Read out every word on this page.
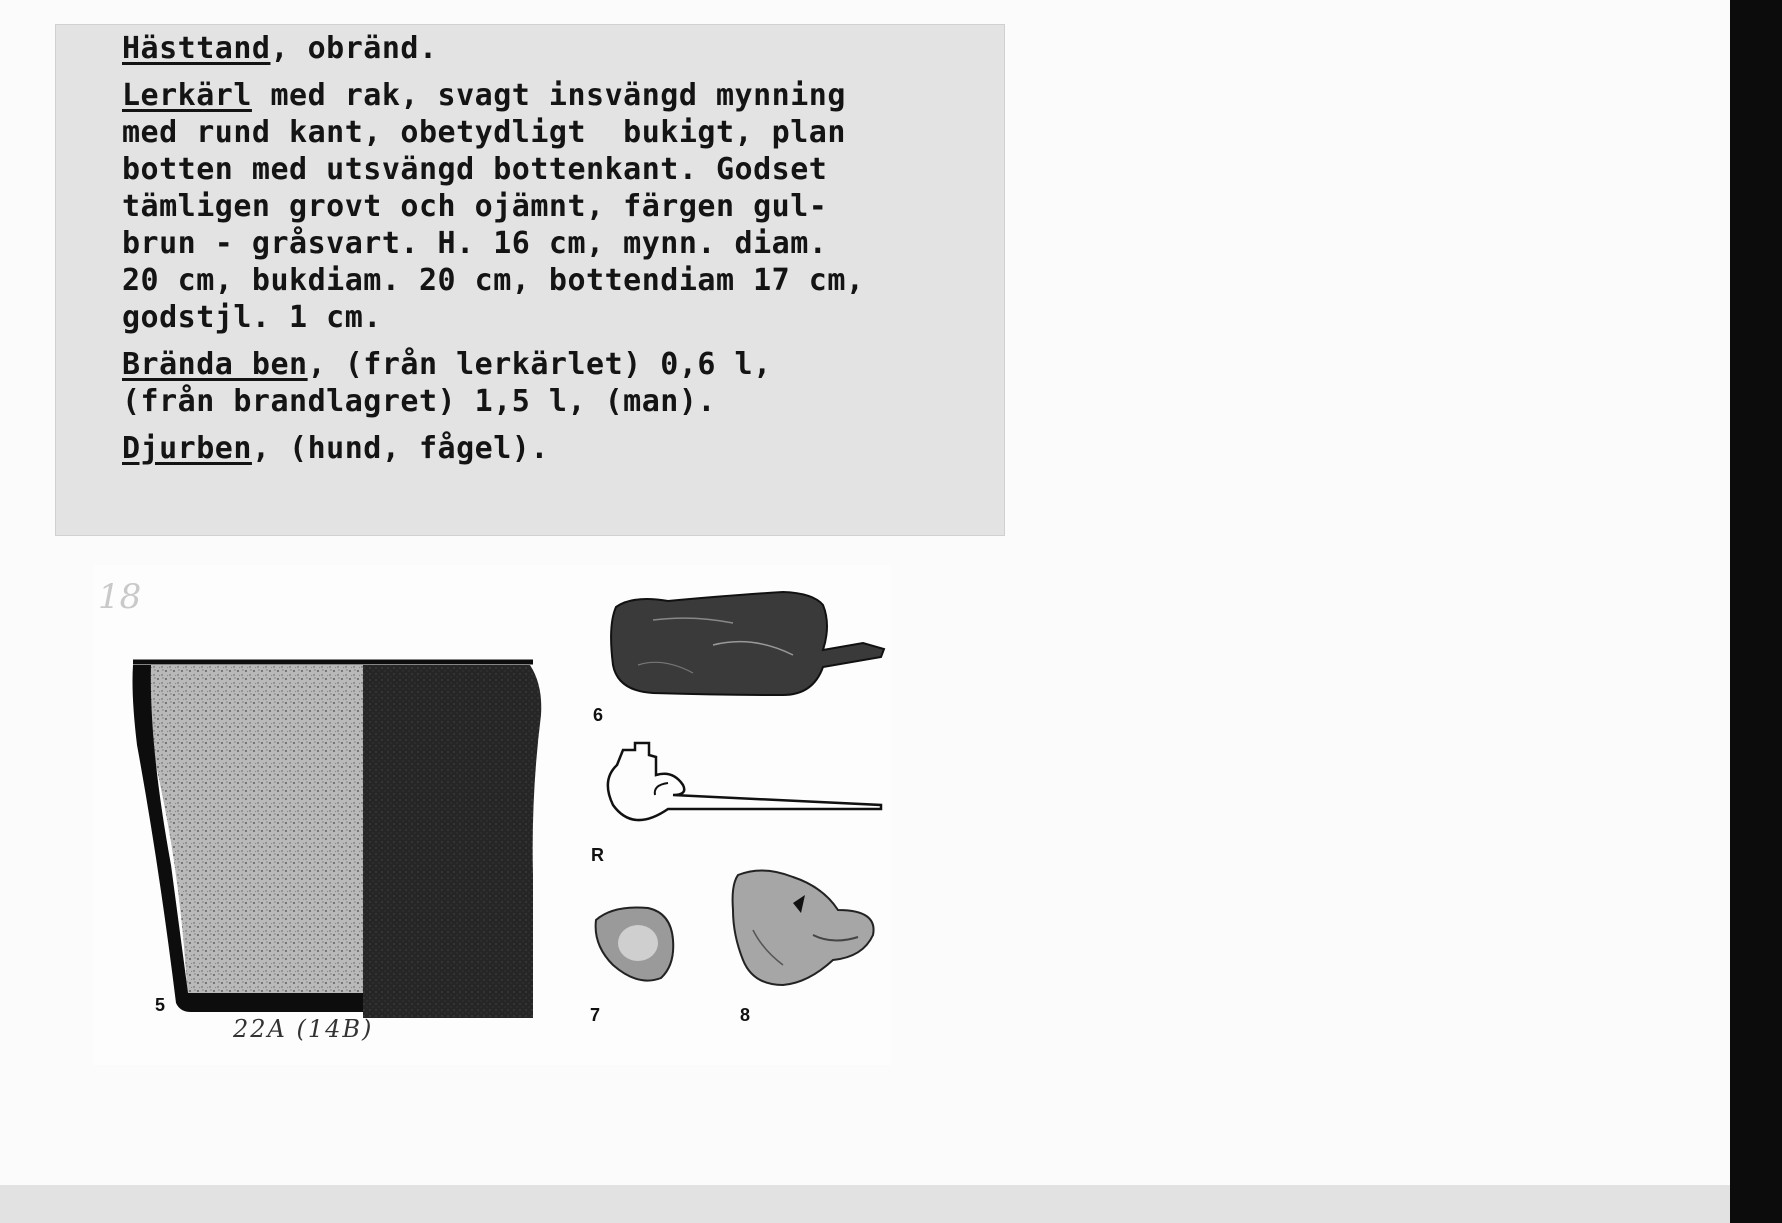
Hästtand, obränd.

Lerkärl med rak, svagt insvängd mynning
med rund kant, obetydligt  bukigt, plan
botten med utsvängd bottenkant. Godset
tämligen grovt och ojämnt, färgen gul-
brun - gråsvart. H. 16 cm, mynn. diam.
20 cm, bukdiam. 20 cm, bottendiam 17 cm,
godstjl. 1 cm.

Brända ben, (från lerkärlet) 0,6 l,
(från brandlagret) 1,5 l, (man).

Djurben, (hund, fågel).

18
5
6
R
7	8
22A (14B)
